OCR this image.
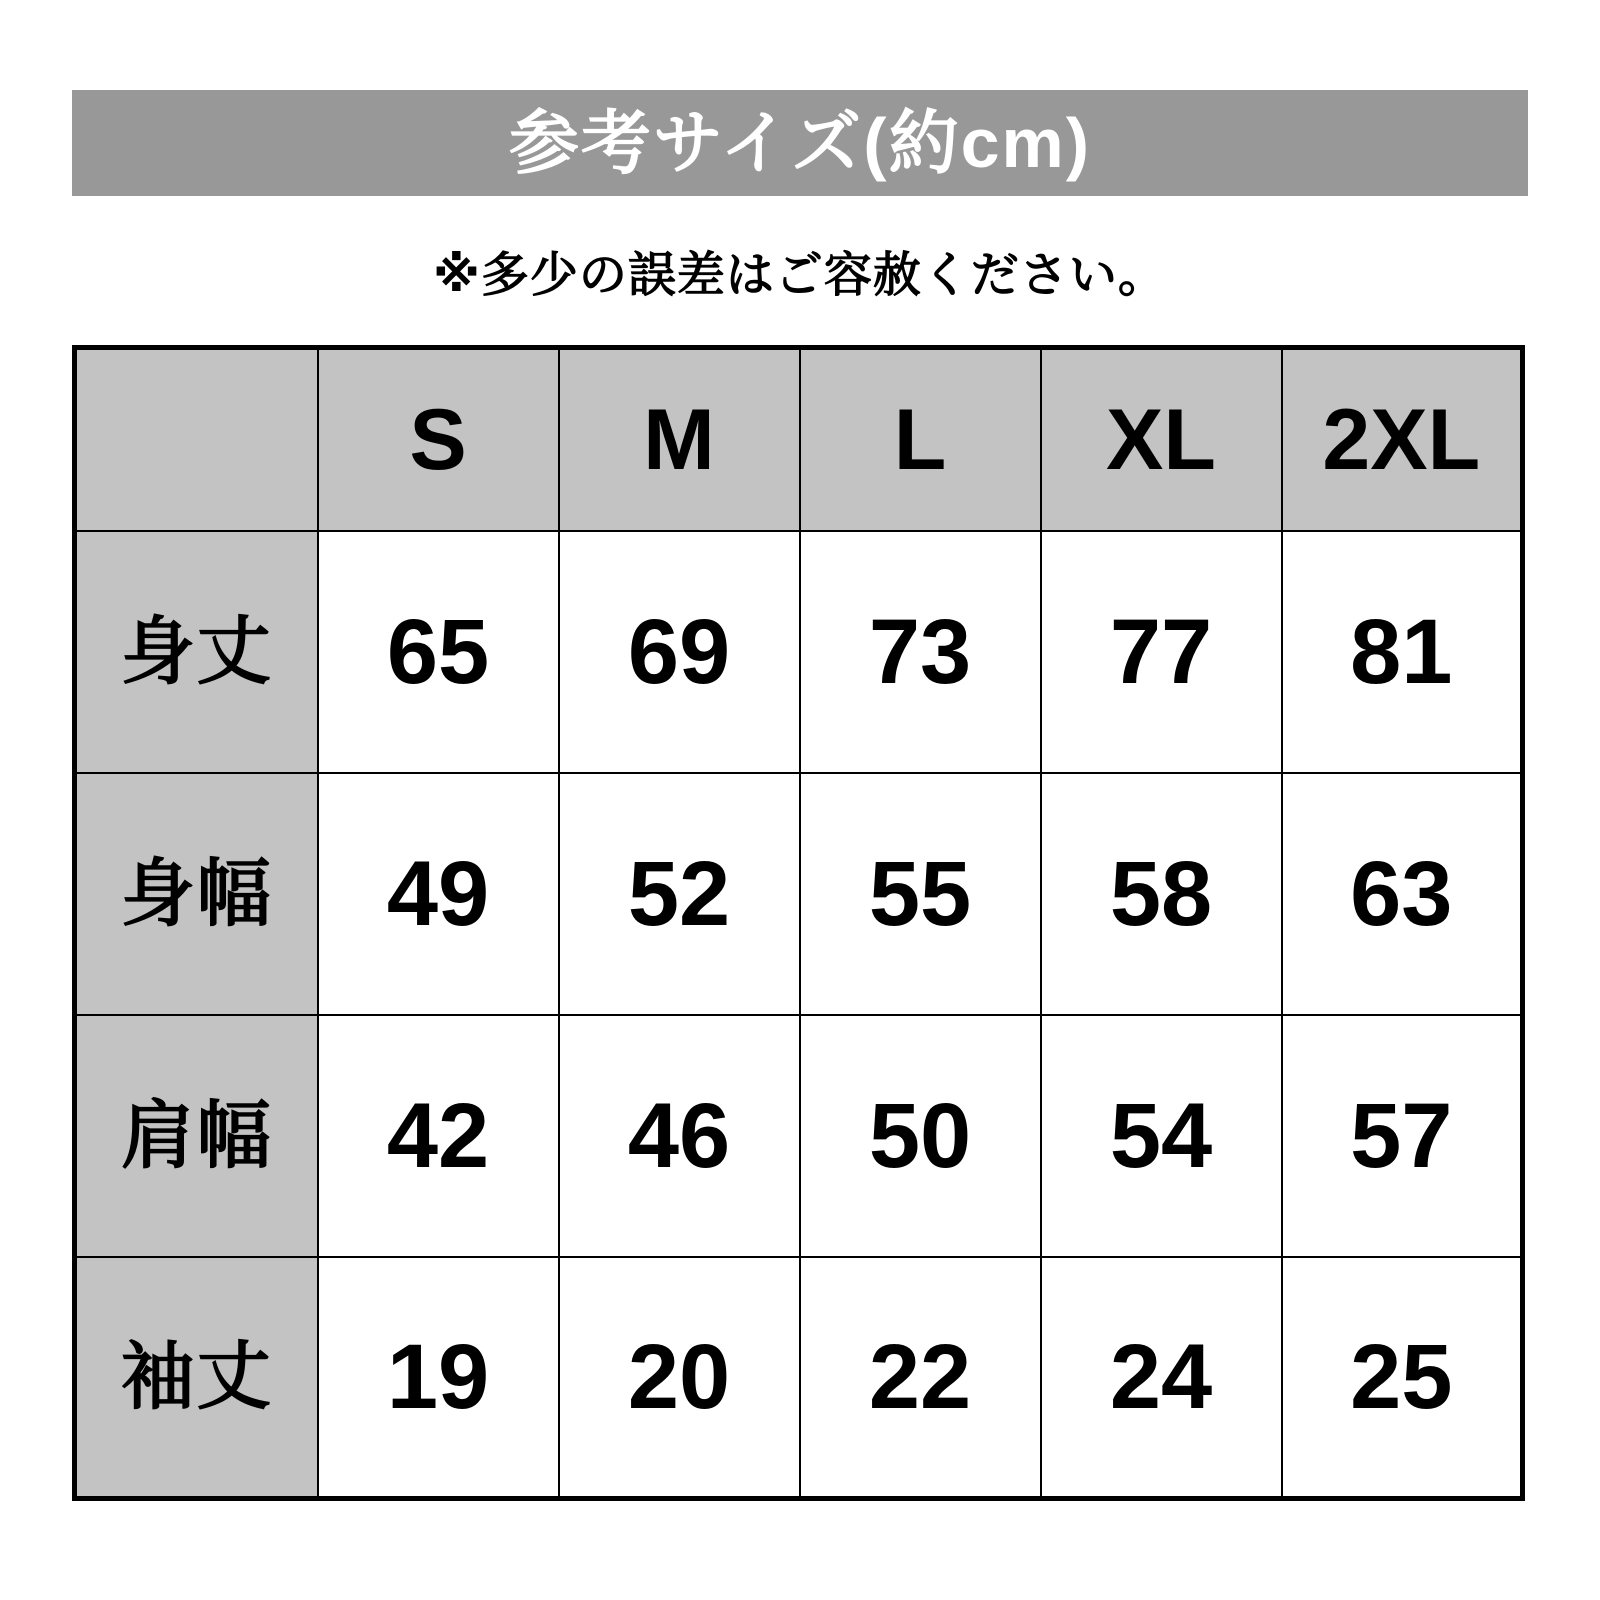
参考サイズ(約cm)
※多少の誤差はご容赦ください。
	S	M	L	XL	2XL
身丈	65	69	73	77	81
身幅	49	52	55	58	63
肩幅	42	46	50	54	57
袖丈	19	20	22	24	25
